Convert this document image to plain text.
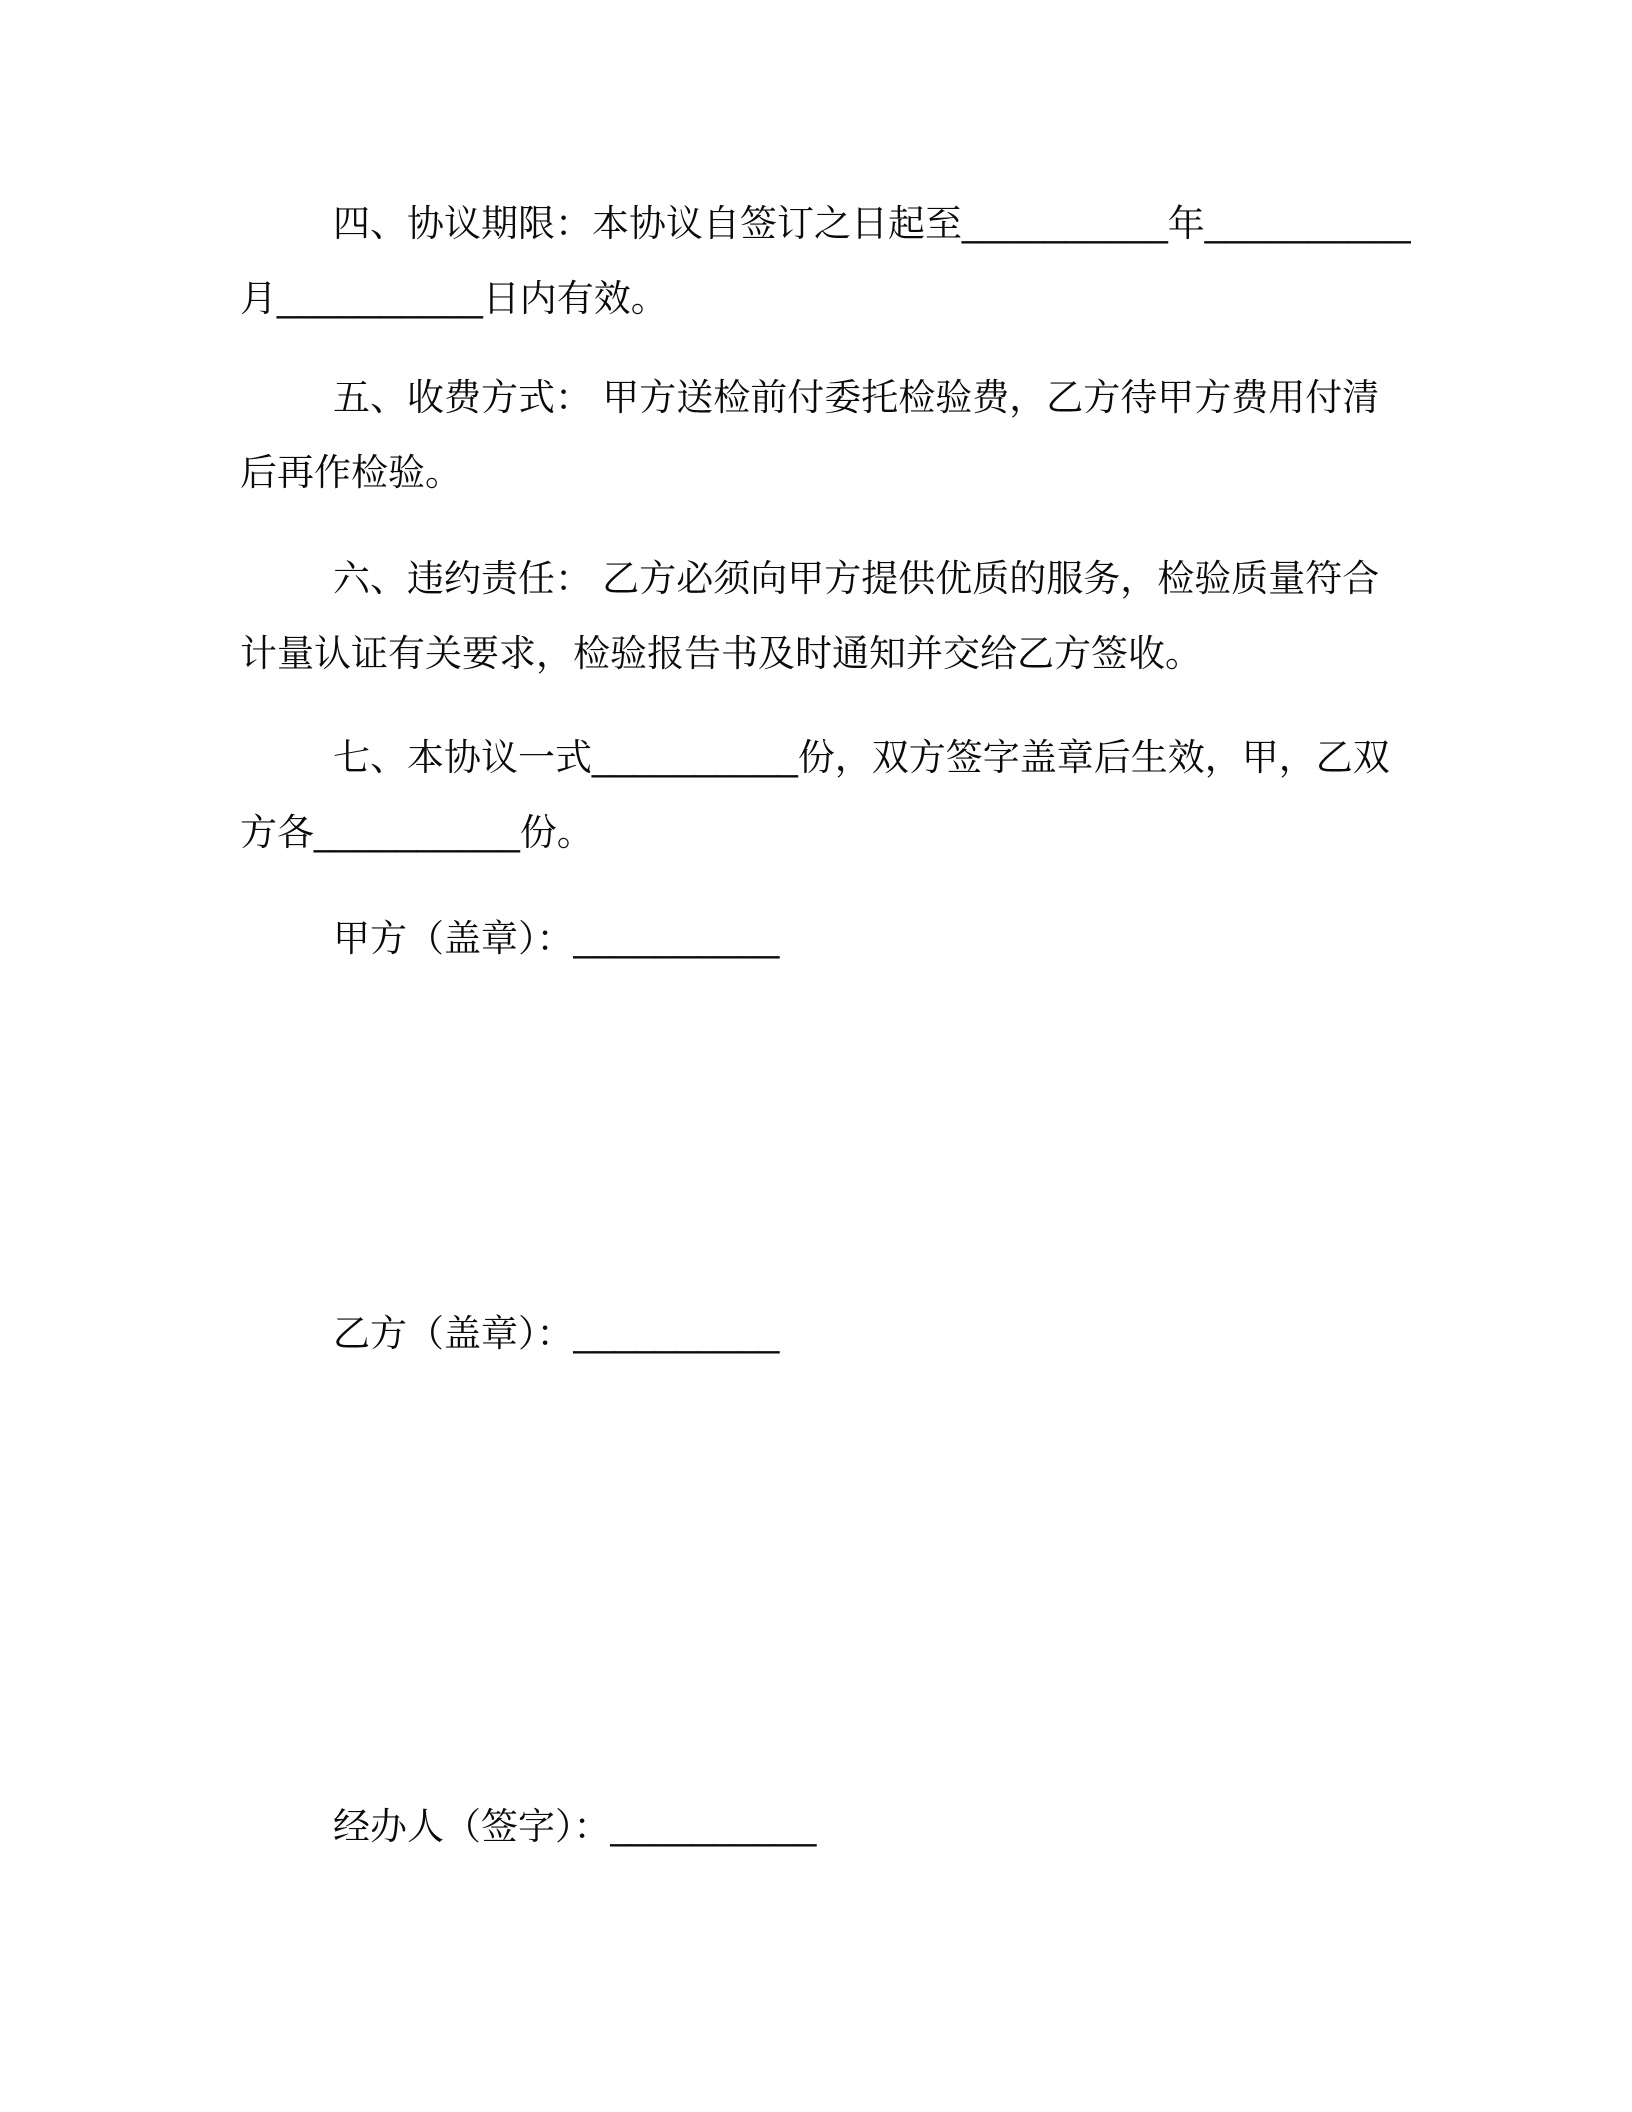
四、协议期限：本协议自签订之日起至__________年__________
月__________日内有效。
五、收费方式： 甲方送检前付委托检验费，乙方待甲方费用付清
后再作检验。
六、违约责任： 乙方必须向甲方提供优质的服务，检验质量符合
计量认证有关要求，检验报告书及时通知并交给乙方签收。
七、本协议一式__________份，双方签字盖章后生效，甲，乙双
方各__________份。
甲方（盖章）：__________
乙方（盖章）：__________
经办人（签字）：__________
